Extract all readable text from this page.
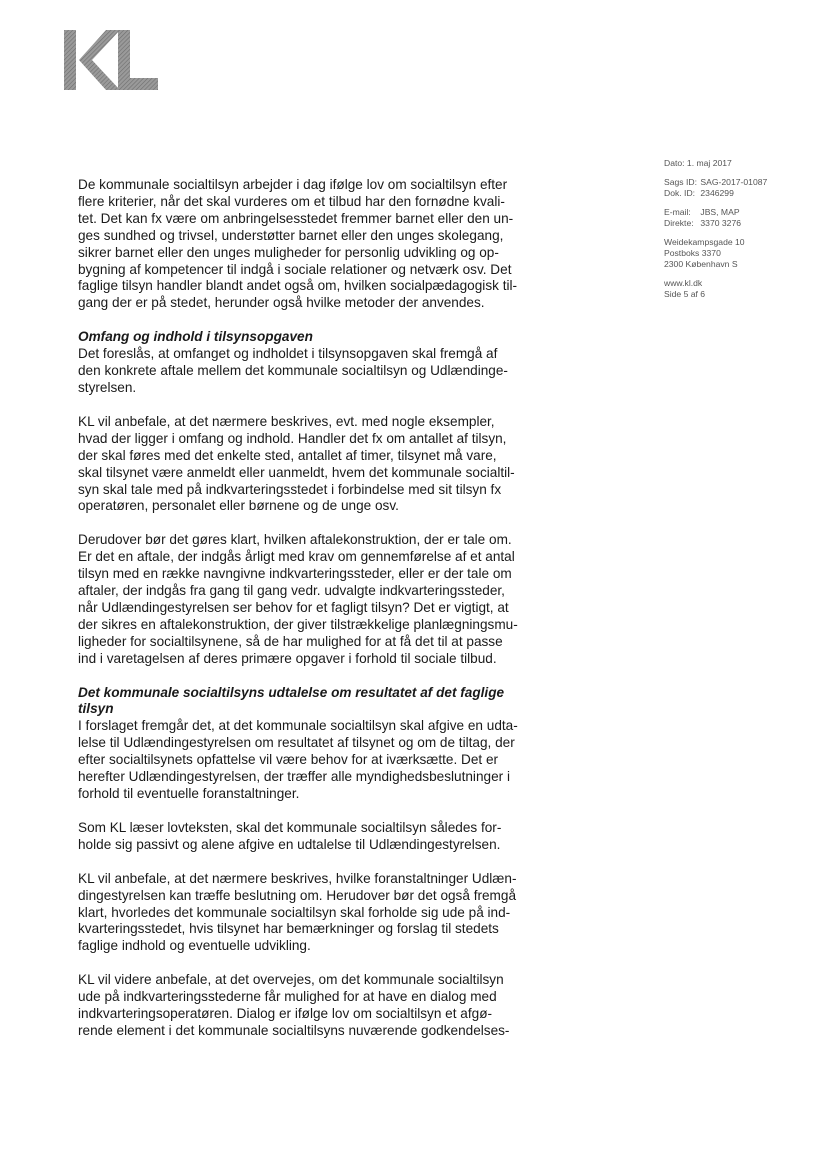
Dato: 1. maj 2017
Sags ID: SAG-2017-01087
Dok. ID: 2346299
E-mail: JBS, MAP
Direkte: 3370 3276
Weidekampsgade 10
Postboks 3370
2300 København S
www.kl.dk
Side 5 af 6

De kommunale socialtilsyn arbejder i dag ifølge lov om socialtilsyn efter
flere kriterier, når det skal vurderes om et tilbud har den fornødne kvali-
tet. Det kan fx være om anbringelsesstedet fremmer barnet eller den un-
ges sundhed og trivsel, understøtter barnet eller den unges skolegang,
sikrer barnet eller den unges muligheder for personlig udvikling og op-
bygning af kompetencer til indgå i sociale relationer og netværk osv. Det
faglige tilsyn handler blandt andet også om, hvilken socialpædagogisk til-
gang der er på stedet, herunder også hvilke metoder der anvendes.

Omfang og indhold i tilsynsopgaven

Det foreslås, at omfanget og indholdet i tilsynsopgaven skal fremgå af
den konkrete aftale mellem det kommunale socialtilsyn og Udlændinge-
styrelsen.

KL vil anbefale, at det nærmere beskrives, evt. med nogle eksempler,
hvad der ligger i omfang og indhold. Handler det fx om antallet af tilsyn,
der skal føres med det enkelte sted, antallet af timer, tilsynet må vare,
skal tilsynet være anmeldt eller uanmeldt, hvem det kommunale socialtil-
syn skal tale med på indkvarteringsstedet i forbindelse med sit tilsyn fx
operatøren, personalet eller børnene og de unge osv.

Derudover bør det gøres klart, hvilken aftalekonstruktion, der er tale om.
Er det en aftale, der indgås årligt med krav om gennemførelse af et antal
tilsyn med en række navngivne indkvarteringssteder, eller er der tale om
aftaler, der indgås fra gang til gang vedr. udvalgte indkvarteringssteder,
når Udlændingestyrelsen ser behov for et fagligt tilsyn? Det er vigtigt, at
der sikres en aftalekonstruktion, der giver tilstrækkelige planlægningsmu-
ligheder for socialtilsynene, så de har mulighed for at få det til at passe
ind i varetagelsen af deres primære opgaver i forhold til sociale tilbud.

Det kommunale socialtilsyns udtalelse om resultatet af det faglige
tilsyn

I forslaget fremgår det, at det kommunale socialtilsyn skal afgive en udta-
lelse til Udlændingestyrelsen om resultatet af tilsynet og om de tiltag, der
efter socialtilsynets opfattelse vil være behov for at iværksætte. Det er
herefter Udlændingestyrelsen, der træffer alle myndighedsbeslutninger i
forhold til eventuelle foranstaltninger.

Som KL læser lovteksten, skal det kommunale socialtilsyn således for-
holde sig passivt og alene afgive en udtalelse til Udlændingestyrelsen.

KL vil anbefale, at det nærmere beskrives, hvilke foranstaltninger Udlæn-
dingestyrelsen kan træffe beslutning om. Herudover bør det også fremgå
klart, hvorledes det kommunale socialtilsyn skal forholde sig ude på ind-
kvarteringsstedet, hvis tilsynet har bemærkninger og forslag til stedets
faglige indhold og eventuelle udvikling.

KL vil videre anbefale, at det overvejes, om det kommunale socialtilsyn
ude på indkvarteringsstederne får mulighed for at have en dialog med
indkvarteringsoperatøren. Dialog er ifølge lov om socialtilsyn et afgø-
rende element i det kommunale socialtilsyns nuværende godkendelses-
